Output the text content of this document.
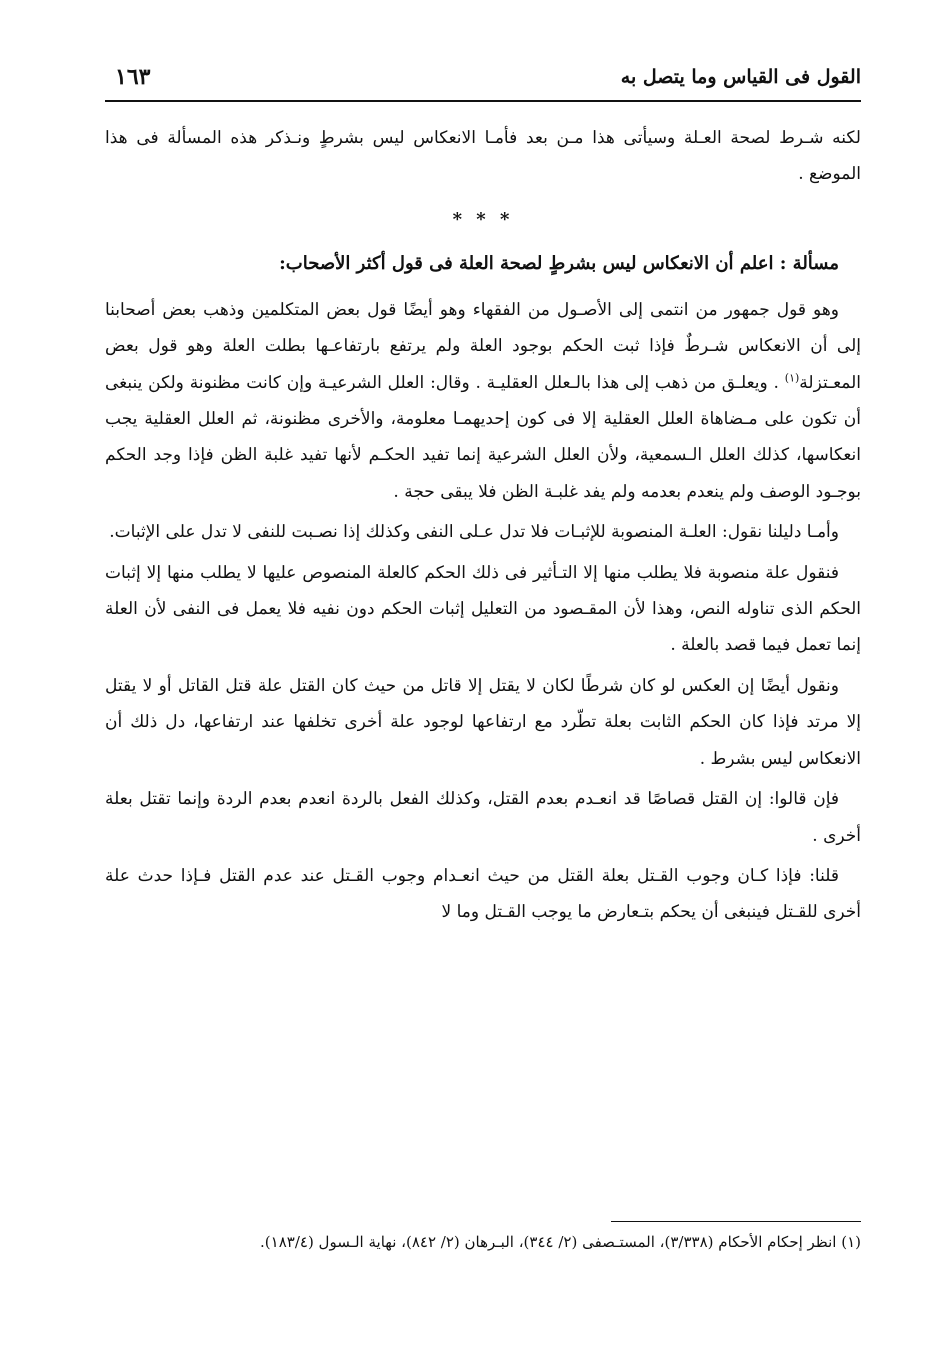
القول فى القياس وما يتصل به
١٦٣

لكنه شـرط لصحة العـلة وسيأتى هذا مـن بعد فأمـا الانعكاس ليس بشرطٍ ونـذكر هذه المسألة فى هذا الموضع .

* * *

مسألة : اعلم أن الانعكاس ليس بشرطٍ لصحة العلة فى قول أكثر الأصحاب:

وهو قول جمهور من انتمى إلى الأصـول من الفقهاء وهو أيضًا قول بعض المتكلمين وذهب بعض أصحابنا إلى أن الانعكاس شـرطٌ فإذا ثبت الحكم بوجود العلة ولم يرتفع بارتفاعـها بطلت العلة وهو قول بعض المعـتزلة$^{(١)}$ . ويعلـق من ذهب إلى هذا بالـعلل العقليـة . وقال: العلل الشرعيـة وإن كانت مظنونة ولكن ينبغى أن تكون على مـضاهاة العلل العقلية إلا فى كون إحديهمـا معلومة، والأخرى مظنونة، ثم العلل العقلية يجب انعكاسها، كذلك العلل الـسمعية، ولأن العلل الشرعية إنما تفيد الحكـم لأنها تفيد غلبة الظن فإذا وجد الحكم بوجـود الوصف ولم ينعدم بعدمه ولم يفد غلبـة الظن فلا يبقى حجة .

وأمـا دليلنا نقول: العلـة المنصوبة للإثبـات فلا تدل عـلى النفى وكذلك إذا نصـبت للنفى لا تدل على الإثبات.

فنقول علة منصوبة فلا يطلب منها إلا التـأثير فى ذلك الحكم كالعلة المنصوص عليها لا يطلب منها إلا إثبات الحكم الذى تناوله النص، وهذا لأن المقـصود من التعليل إثبات الحكم دون نفيه فلا يعمل فى النفى لأن العلة إنما تعمل فيما قصد بالعلة .

ونقول أيضًا إن العكس لو كان شرطًا لكان لا يقتل إلا قاتل من حيث كان القتل علة قتل القاتل أو لا يقتل إلا مرتد فإذا كان الحكم الثابت بعلة تطّرد مع ارتفاعها لوجود علة أخرى تخلفها عند ارتفاعها، دل ذلك أن الانعكاس ليس بشرط .

فإن قالوا: إن القتل قصاصًا قد انعـدم بعدم القتل، وكذلك الفعل بالردة انعدم بعدم الردة وإنما تقتل بعلة أخرى .

قلنا: فإذا كـان وجوب القـتل بعلة القتل من حيث انعـدام وجوب القـتل عند عدم القتل فـإذا حدث علة أخرى للقـتل فينبغى أن يحكم بتـعارض ما يوجب القـتل وما لا

(١) انظر إحكام الأحكام (٣/٣٣٨)، المستـصفى (٢/ ٣٤٤)، البـرهان (٢/ ٨٤٢)، نهاية الـسول (١٨٣/٤).
